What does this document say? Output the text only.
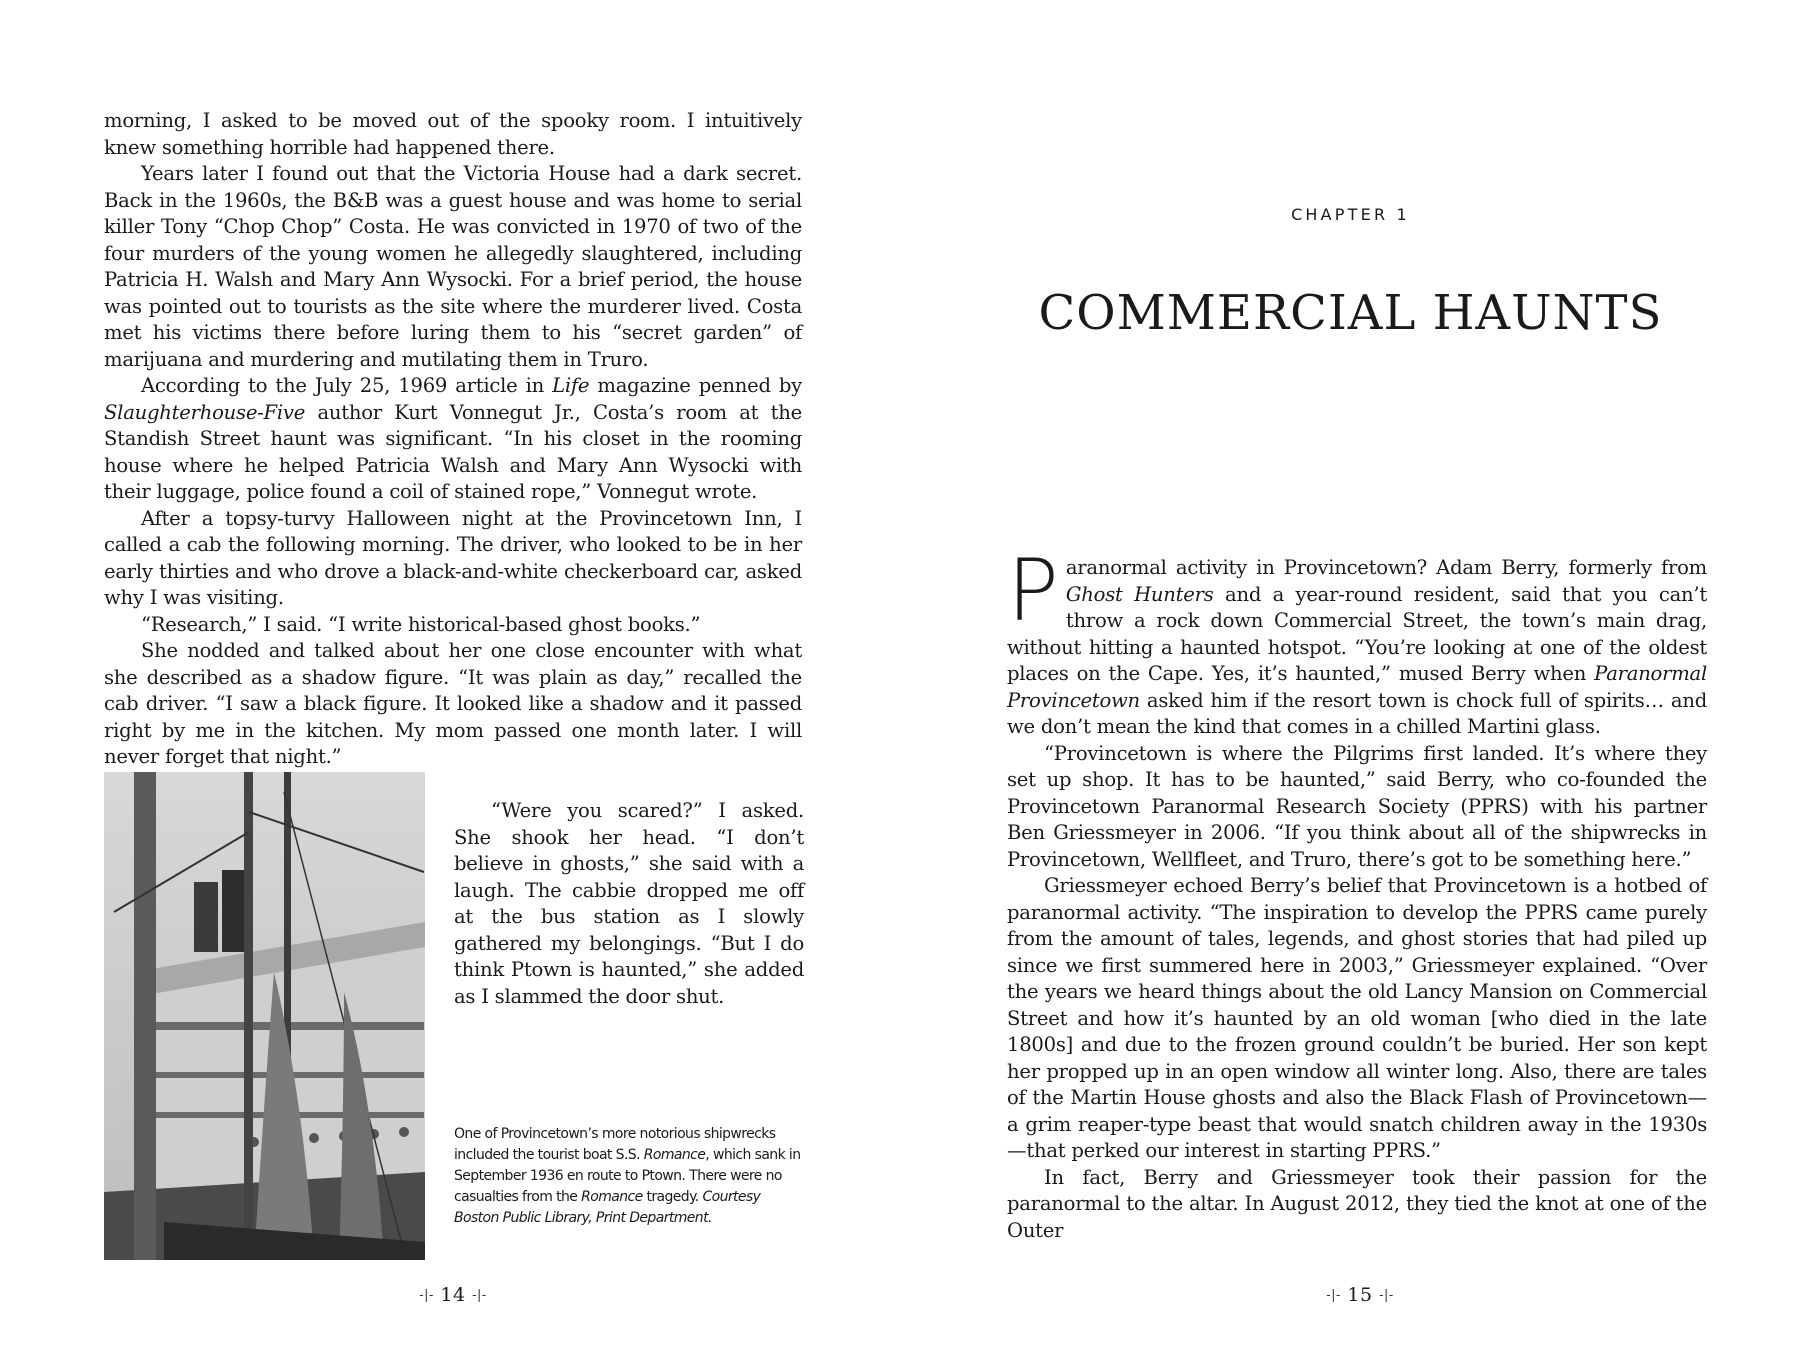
morning, I asked to be moved out of the spooky room. I intuitively knew something horrible had happened there.

Years later I found out that the Victoria House had a dark secret. Back in the 1960s, the B&B was a guest house and was home to serial killer Tony “Chop Chop” Costa. He was convicted in 1970 of two of the four murders of the young women he allegedly slaughtered, including Patricia H. Walsh and Mary Ann Wysocki. For a brief period, the house was pointed out to tourists as the site where the murderer lived. Costa met his victims there before luring them to his “secret garden” of marijuana and murdering and mutilating them in Truro.

According to the July 25, 1969 article in Life magazine penned by Slaughterhouse-Five author Kurt Vonnegut Jr., Costa’s room at the Standish Street haunt was significant. “In his closet in the rooming house where he helped Patricia Walsh and Mary Ann Wysocki with their luggage, police found a coil of stained rope,” Vonnegut wrote.

After a topsy-turvy Halloween night at the Provincetown Inn, I called a cab the following morning. The driver, who looked to be in her early thirties and who drove a black-and-white checkerboard car, asked why I was visiting.

“Research,” I said. “I write historical-based ghost books.”

She nodded and talked about her one close encounter with what she described as a shadow figure. “It was plain as day,” recalled the cab driver. “I saw a black figure. It looked like a shadow and it passed right by me in the kitchen. My mom passed one month later. I will never forget that night.”

“Were you scared?” I asked. She shook her head. “I don’t believe in ghosts,” she said with a laugh. The cabbie dropped me off at the bus station as I slowly gathered my belongings. “But I do think Ptown is haunted,” she added as I slammed the door shut.
One of Provincetown’s more notorious shipwrecks included the tourist boat S.S. Romance, which sank in September 1936 en route to Ptown. There were no casualties from the Romance tragedy. Courtesy Boston Public Library, Print Department.
-|- 14 -|-
CHAPTER 1
COMMERCIAL HAUNTS

Paranormal activity in Provincetown? Adam Berry, formerly from Ghost Hunters and a year-round resident, said that you can’t throw a rock down Commercial Street, the town’s main drag, without hitting a haunted hotspot. “You’re looking at one of the oldest places on the Cape. Yes, it’s haunted,” mused Berry when Paranormal Provincetown asked him if the resort town is chock full of spirits… and we don’t mean the kind that comes in a chilled Martini glass.

“Provincetown is where the Pilgrims first landed. It’s where they set up shop. It has to be haunted,” said Berry, who co-founded the Provincetown Paranormal Research Society (PPRS) with his partner Ben Griessmeyer in 2006. “If you think about all of the shipwrecks in Provincetown, Wellfleet, and Truro, there’s got to be something here.”

Griessmeyer echoed Berry’s belief that Provincetown is a hotbed of paranormal activity. “The inspiration to develop the PPRS came purely from the amount of tales, legends, and ghost stories that had piled up since we first summered here in 2003,” Griessmeyer explained. “Over the years we heard things about the old Lancy Mansion on Commercial Street and how it’s haunted by an old woman [who died in the late 1800s] and due to the frozen ground couldn’t be buried. Her son kept her propped up in an open window all winter long. Also, there are tales of the Martin House ghosts and also the Black Flash of Provincetown—a grim reaper-type beast that would snatch children away in the 1930s—that perked our interest in starting PPRS.”

In fact, Berry and Griessmeyer took their passion for the paranormal to the altar. In August 2012, they tied the knot at one of the Outer

-|- 15 -|-
